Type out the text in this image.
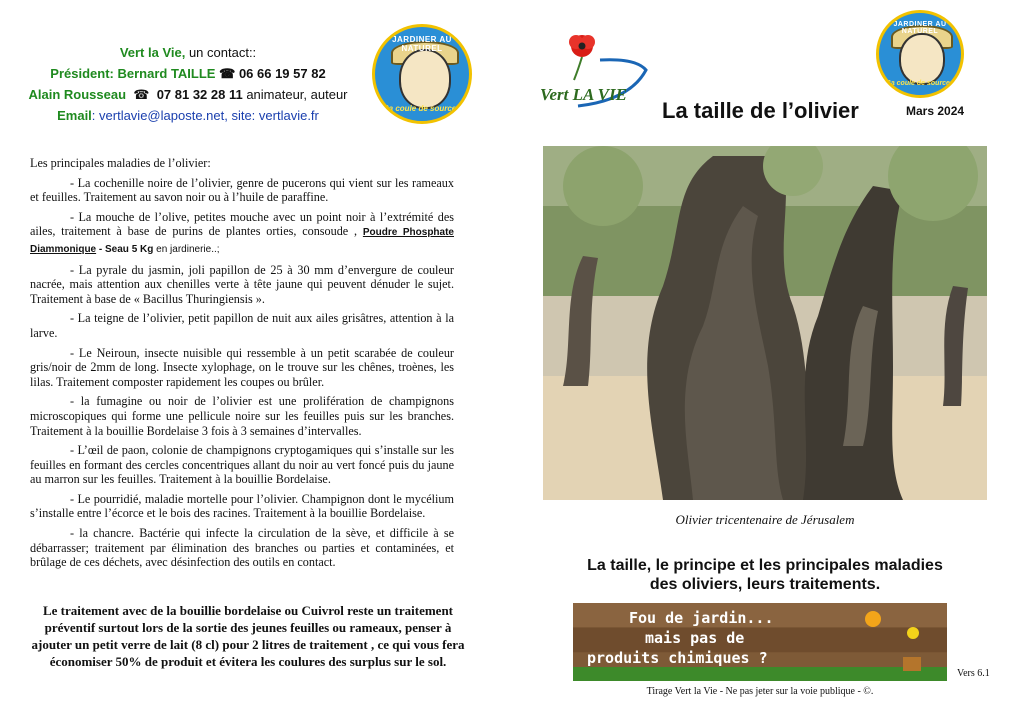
Vert la Vie, un contact::
Président: Bernard TAILLE ☎ 06 66 19 57 82
Alain Rousseau ☎ 07 81 32 28 11 animateur, auteur
Email: vertlavie@laposte.net, site: vertlavie.fr
JARDINER AU NATUREL
Ça coule de source !
JARDINER AU NATUREL
Ça coule de source !
Vert LA VIE
La taille de l’olivier	Mars 2024

Les principales maladies de l’olivier:

- La cochenille noire de l’olivier, genre de pucerons qui vient sur les rameaux et feuilles. Traitement au savon noir ou à l’huile de paraffine.

- La mouche de l’olive, petites mouche avec un point noir à l’extrémité des ailes, traitement à base de purins de plantes orties, consoude , Poudre Phosphate Diammonique - Seau 5 Kg en jardinerie..;

- La pyrale du jasmin, joli papillon de 25 à 30 mm d’envergure de couleur nacrée, mais attention aux chenilles verte à tête jaune qui peuvent dénuder le sujet. Traitement à base de « Bacillus Thuringiensis ».

- La teigne de l’olivier, petit papillon de nuit aux ailes grisâtres, attention à la larve.

- Le Neiroun, insecte nuisible qui ressemble à un petit scarabée de couleur gris/noir de 2mm de long. Insecte xylophage, on le trouve sur les chênes, troènes, les lilas. Traitement composter rapidement les coupes ou brûler.

- la fumagine ou noir de l’olivier est une prolifération de champignons microscopiques qui forme une pellicule noire sur les feuilles puis sur les branches. Traitement à la bouillie Bordelaise 3 fois à 3 semaines d’intervalles.

- L’œil de paon, colonie de champignons cryptogamiques qui s’installe sur les feuilles en formant des cercles concentriques allant du noir au vert foncé puis du jaune au marron sur les feuilles. Traitement à la bouillie Bordelaise.

- Le pourridié, maladie mortelle pour l’olivier. Champignon dont le mycélium s’installe entre l’écorce et le bois des racines. Traitement à la bouillie Bordelaise.

- la chancre. Bactérie qui infecte la circulation de la sève, et difficile à se débarrasser; traitement par élimination des branches ou parties et contaminées, et brûlage de ces déchets, avec désinfection des outils en contact.

Le traitement avec de la bouillie bordelaise ou Cuivrol reste un traitement préventif surtout lors de la sortie des jeunes feuilles ou rameaux, penser à ajouter un petit verre de lait (8 cl) pour 2 litres de traitement , ce qui vous fera économiser 50% de produit et évitera les coulures des surplus sur le sol.
Olivier tricentenaire de Jérusalem
La taille, le principe et les principales maladies
des oliviers, leurs traitements.
Fou de jardin...
mais pas de
produits chimiques ?
Vers 6.1
Tirage Vert la Vie - Ne pas jeter sur la voie publique - ©.
